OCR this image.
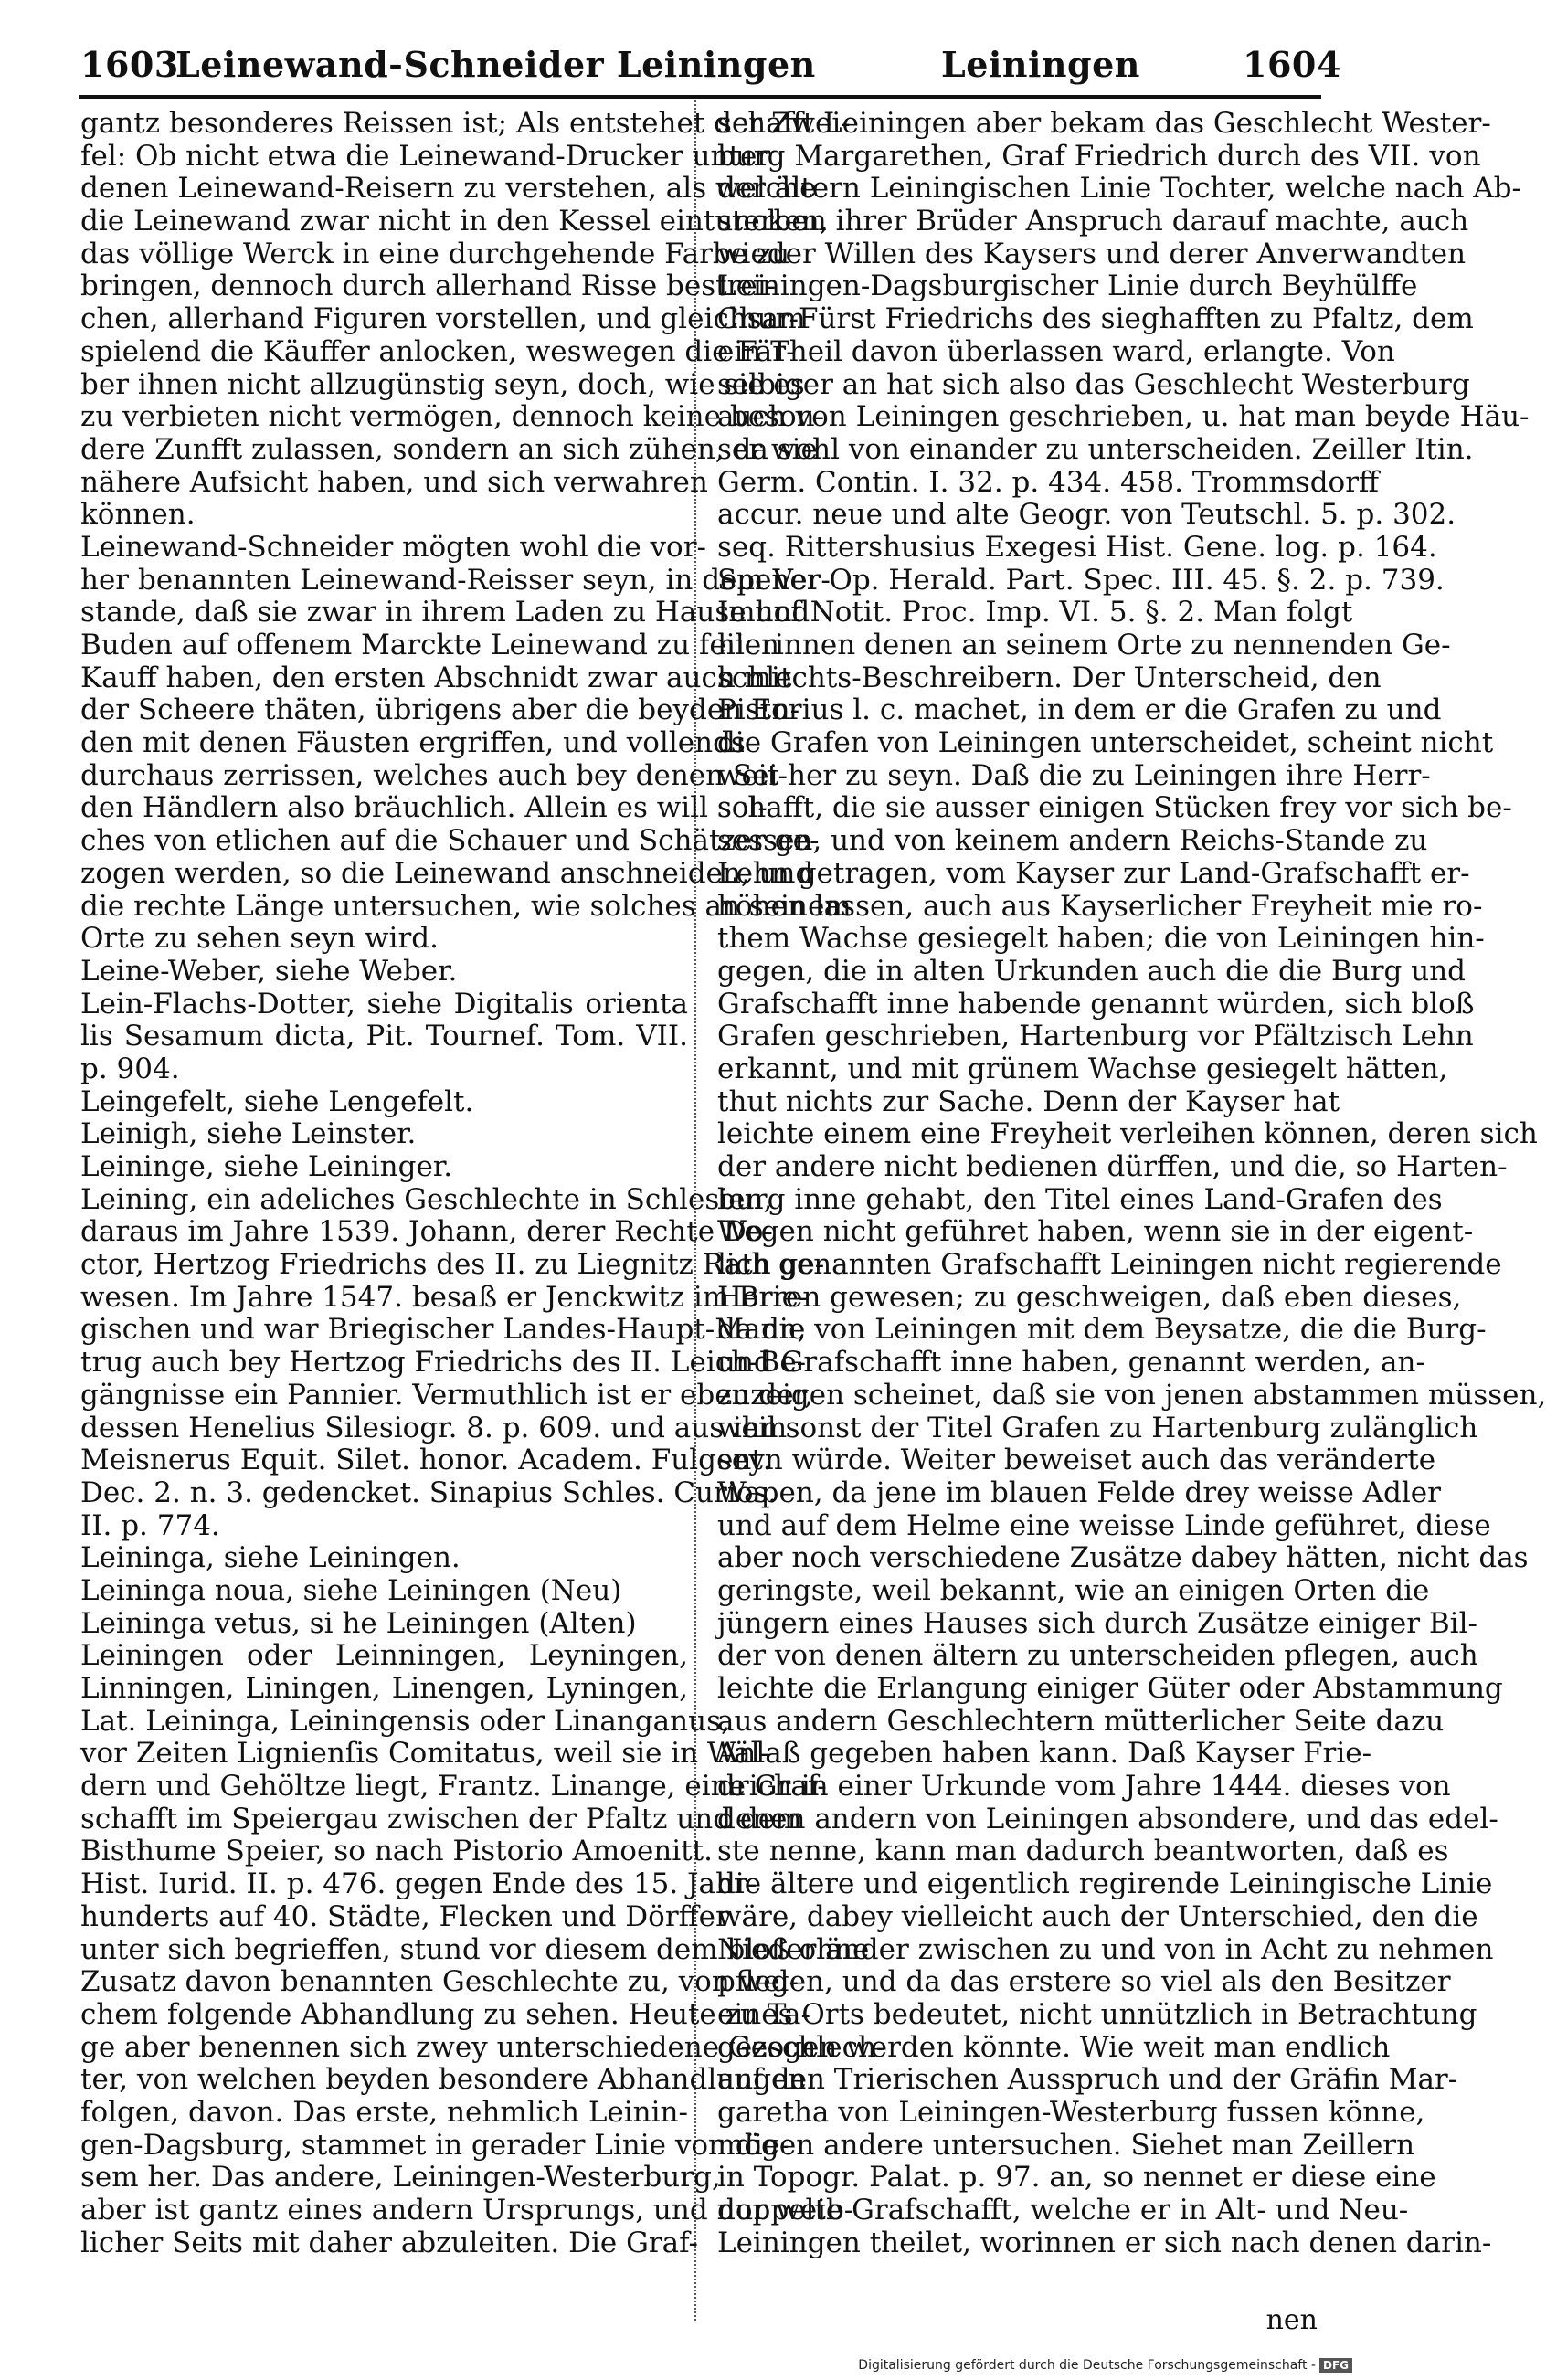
1603
Leinewand-Schneider Leiningen	Leiningen	1604
gantz besonderes Reissen ist; Als entstehet der Zwei-
fel: Ob nicht etwa die Leinewand-Drucker unter
denen Leinewand-Reisern zu verstehen, als welche
die Leinewand zwar nicht in den Kessel eintuncken,
das völlige Werck in eine durchgehende Farbe zu
bringen, dennoch durch allerhand Risse bestrei-
chen, allerhand Figuren vorstellen, und gleichsam
spielend die Käuffer anlocken, weswegen die Fär-
ber ihnen nicht allzugünstig seyn, doch, wie sie es
zu verbieten nicht vermögen, dennoch keine beson-
dere Zunfft zulassen, sondern an sich zühen, da sie
nähere Aufsicht haben, und sich verwahren
können.
Leinewand-Schneider mögten wohl die vor-
her benannten Leinewand-Reisser seyn, in dem Ver-
stande, daß sie zwar in ihrem Laden zu Hause und
Buden auf offenem Marckte Leinewand zu feilen
Kauff haben, den ersten Abschnidt zwar auch mit
der Scheere thäten, übrigens aber die beyden En-
den mit denen Fäusten ergriffen, und vollends
durchaus zerrissen, welches auch bey denen Sei-
den Händlern also bräuchlich. Allein es will sol-
ches von etlichen auf die Schauer und Schätzer ge-
zogen werden, so die Leinewand anschneiden, und
die rechte Länge untersuchen, wie solches an seinem
Orte zu sehen seyn wird.
Leine-Weber, siehe Weber.
Lein-Flachs-Dotter, siehe Digitalis orienta
lis Sesamum dicta, Pit. Tournef. Tom. VII.
p. 904.
Leingefelt, siehe Lengefelt.
Leinigh, siehe Leinster.
Leininge, siehe Leininger.
Leining, ein adeliches Geschlechte in Schlesien,
daraus im Jahre 1539. Johann, derer Rechte Do-
ctor, Hertzog Friedrichs des II. zu Liegnitz Rath ge-
wesen. Im Jahre 1547. besaß er Jenckwitz im Brie-
gischen und war Briegischer Landes-Haupt-Mann,
trug auch bey Hertzog Friedrichs des II. Leich-Be-
gängnisse ein Pannier. Vermuthlich ist er eben der,
dessen Henelius Silesiogr. 8. p. 609. und aus ihm
Meisnerus Equit. Silet. honor. Academ. Fulgent.
Dec. 2. n. 3. gedencket. Sinapius Schles. Curios.
II. p. 774.
Leininga, siehe Leiningen.
Leininga noua, siehe Leiningen (Neu)
Leininga vetus, si he Leiningen (Alten)
Leiningen oder Leinningen, Leyningen,
Linningen, Liningen, Linengen, Lyningen,
Lat. Leininga, Leiningensis oder Linanganus,
vor Zeiten Lignienſis Comitatus, weil sie in Wäl-
dern und Gehöltze liegt, Frantz. Linange, eine Graf-
schafft im Speiergau zwischen der Pfaltz und dem
Bisthume Speier, so nach Pistorio Amoenitt.
Hist. Iurid. II. p. 476. gegen Ende des 15. Jahr-
hunderts auf 40. Städte, Flecken und Dörffer
unter sich begrieffen, stund vor diesem dem bloß ohne
Zusatz davon benannten Geschlechte zu, von wel-
chem folgende Abhandlung zu sehen. Heute zu Ta-
ge aber benennen sich zwey unterschiedene Geschlech-
ter, von welchen beyden besondere Abhandlungen
folgen, davon. Das erste, nehmlich Leinin-
gen-Dagsburg, stammet in gerader Linie von die-
sem her. Das andere, Leiningen-Westerburg,
aber ist gantz eines andern Ursprungs, und nur weib-
licher Seits mit daher abzuleiten. Die Graf-
schafft Leiningen aber bekam das Geschlecht Wester-
burg Margarethen, Graf Friedrich durch des VII. von
der ältern Leiningischen Linie Tochter, welche nach Ab-
sterben ihrer Brüder Anspruch darauf machte, auch
wieder Willen des Kaysers und derer Anverwandten
Leiningen-Dagsburgischer Linie durch Beyhülffe
Chur-Fürst Friedrichs des sieghafften zu Pfaltz, dem
ein Theil davon überlassen ward, erlangte. Von
selbiger an hat sich also das Geschlecht Westerburg
auch von Leiningen geschrieben, u. hat man beyde Häu-
ser wohl von einander zu unterscheiden. Zeiller Itin.
Germ. Contin. I. 32. p. 434. 458. Trommsdorff
accur. neue und alte Geogr. von Teutschl. 5. p. 302.
seq. Rittershusius Exegesi Hist. Gene. log. p. 164.
Spener Op. Herald. Part. Spec. III. 45. §. 2. p. 739.
Imhof Notit. Proc. Imp. VI. 5. §. 2. Man folgt
hierinnen denen an seinem Orte zu nennenden Ge-
schlechts-Beschreibern. Der Unterscheid, den
Pistorius l. c. machet, in dem er die Grafen zu und
die Grafen von Leiningen unterscheidet, scheint nicht
weit her zu seyn. Daß die zu Leiningen ihre Herr-
schafft, die sie ausser einigen Stücken frey vor sich be-
sessen, und von keinem andern Reichs-Stande zu
Lehn getragen, vom Kayser zur Land-Grafschafft er-
höhen lassen, auch aus Kayserlicher Freyheit mie ro-
them Wachse gesiegelt haben; die von Leiningen hin-
gegen, die in alten Urkunden auch die die Burg und
Grafschafft inne habende genannt würden, sich bloß
Grafen geschrieben, Hartenburg vor Pfältzisch Lehn
erkannt, und mit grünem Wachse gesiegelt hätten,
thut nichts zur Sache. Denn der Kayser hat
leichte einem eine Freyheit verleihen können, deren sich
der andere nicht bedienen dürffen, und die, so Harten-
burg inne gehabt, den Titel eines Land-Grafen des
Wegen nicht geführet haben, wenn sie in der eigent-
lich genannten Grafschafft Leiningen nicht regierende
Herren gewesen; zu geschweigen, daß eben dieses,
da die von Leiningen mit dem Beysatze, die die Burg-
und Grafschafft inne haben, genannt werden, an-
zuzeigen scheinet, daß sie von jenen abstammen müssen,
weil sonst der Titel Grafen zu Hartenburg zulänglich
seyn würde. Weiter beweiset auch das veränderte
Wapen, da jene im blauen Felde drey weisse Adler
und auf dem Helme eine weisse Linde geführet, diese
aber noch verschiedene Zusätze dabey hätten, nicht das
geringste, weil bekannt, wie an einigen Orten die
jüngern eines Hauses sich durch Zusätze einiger Bil-
der von denen ältern zu unterscheiden pflegen, auch
leichte die Erlangung einiger Güter oder Abstammung
aus andern Geschlechtern mütterlicher Seite dazu
Anlaß gegeben haben kann. Daß Kayser Frie-
drich in einer Urkunde vom Jahre 1444. dieses von
denen andern von Leiningen absondere, und das edel-
ste nenne, kann man dadurch beantworten, daß es
die ältere und eigentlich regirende Leiningische Linie
wäre, dabey vielleicht auch der Unterschied, den die
Niederländer zwischen zu und von in Acht zu nehmen
pflegen, und da das erstere so viel als den Besitzer
eines Orts bedeutet, nicht unnützlich in Betrachtung
gezogen werden könnte. Wie weit man endlich
auf den Trierischen Ausspruch und der Gräfin Mar-
garetha von Leiningen-Westerburg fussen könne,
mögen andere untersuchen. Siehet man Zeillern
in Topogr. Palat. p. 97. an, so nennet er diese eine
doppelte Grafschafft, welche er in Alt- und Neu-
Leiningen theilet, worinnen er sich nach denen darin-
nen
Digitalisierung gefördert durch die Deutsche Forschungsgemeinschaft - DFG
